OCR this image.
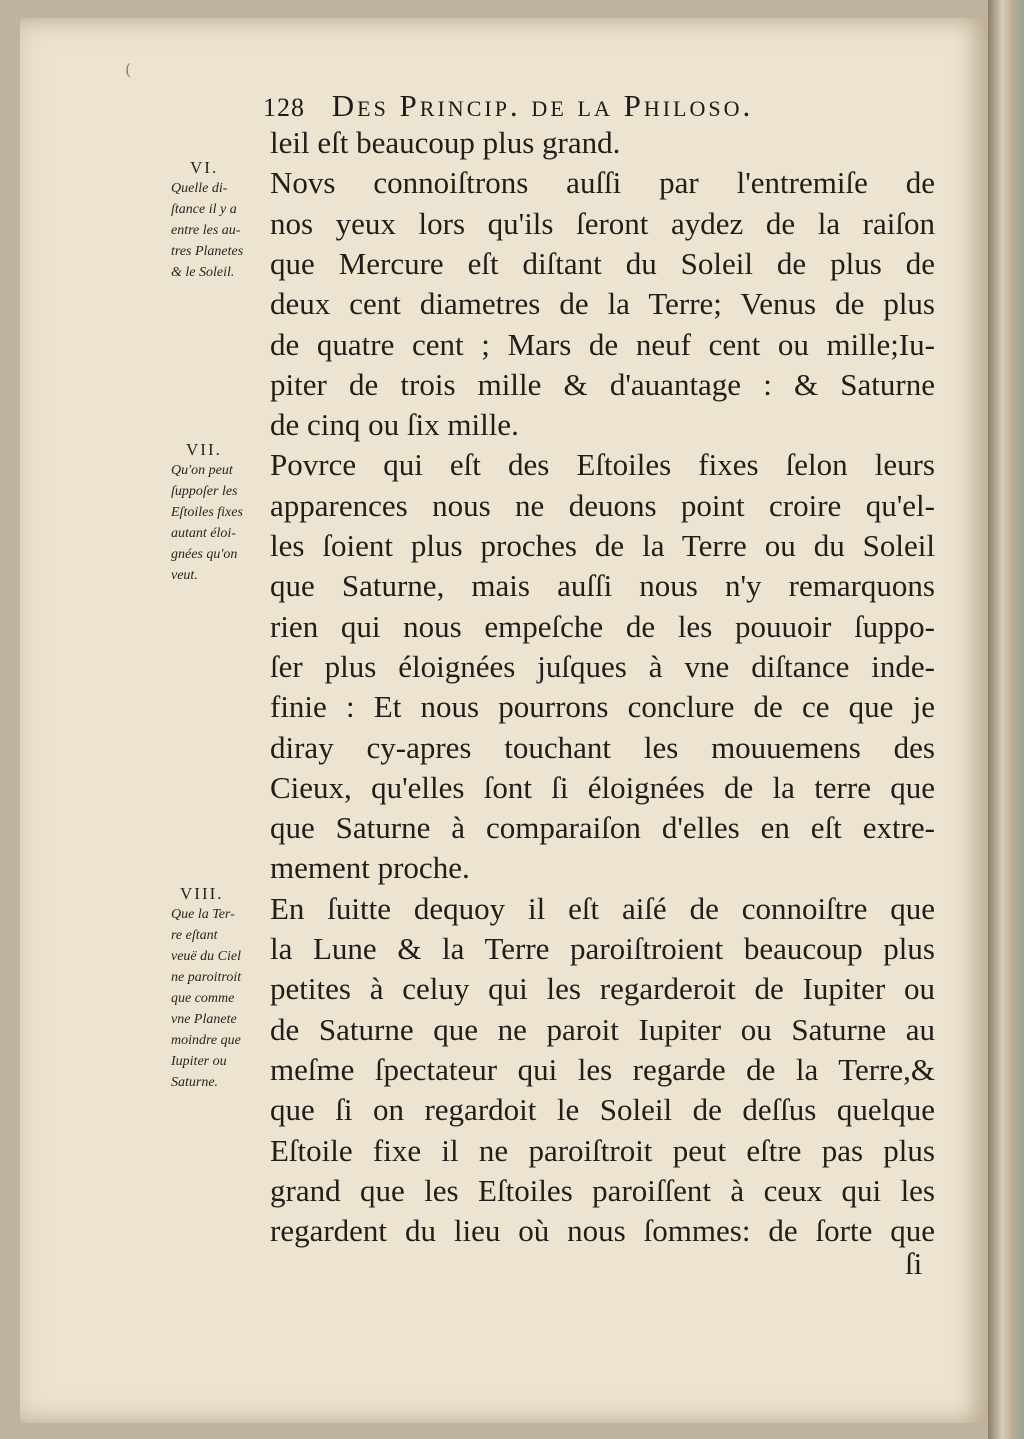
(
128 Des Princip. de la Philoso.
leil eſt beaucoup plus grand.
Novs connoiſtrons auſſi par l'entremiſe de
nos yeux lors qu'ils ſeront aydez de la raiſon
que Mercure eſt diſtant du Soleil de plus de
deux cent diametres de la Terre; Venus de plus
de quatre cent ; Mars de neuf cent ou mille;Iu-
piter de trois mille & d'auantage : & Saturne
de cinq ou ſix mille.
Povrce qui eſt des Eſtoiles fixes ſelon leurs
apparences nous ne deuons point croire qu'el-
les ſoient plus proches de la Terre ou du Soleil
que Saturne, mais auſſi nous n'y remarquons
rien qui nous empeſche de les pouuoir ſuppo-
ſer plus éloignées juſques à vne diſtance inde-
finie : Et nous pourrons conclure de ce que je
diray cy-apres touchant les mouuemens des
Cieux, qu'elles ſont ſi éloignées de la terre que
que Saturne à comparaiſon d'elles en eſt extre-
mement proche.
En ſuitte dequoy il eſt aiſé de connoiſtre que
la Lune & la Terre paroiſtroient beaucoup plus
petites à celuy qui les regarderoit de Iupiter ou
de Saturne que ne paroit Iupiter ou Saturne au
meſme ſpectateur qui les regarde de la Terre,&
que ſi on regardoit le Soleil de deſſus quelque
Eſtoile fixe il ne paroiſtroit peut eſtre pas plus
grand que les Eſtoiles paroiſſent à ceux qui les
regardent du lieu où nous ſommes: de ſorte que
VI.
Quelle di-
ſtance il y a
entre les au-
tres Planetes
& le Soleil.
VII.
Qu'on peut
ſuppoſer les
Eſtoiles fixes
autant éloi-
gnées qu'on
veut.
VIII.
Que la Ter-
re eſtant
veuë du Ciel
ne paroitroit
que comme
vne Planete
moindre que
Iupiter ou
Saturne.
ſi
